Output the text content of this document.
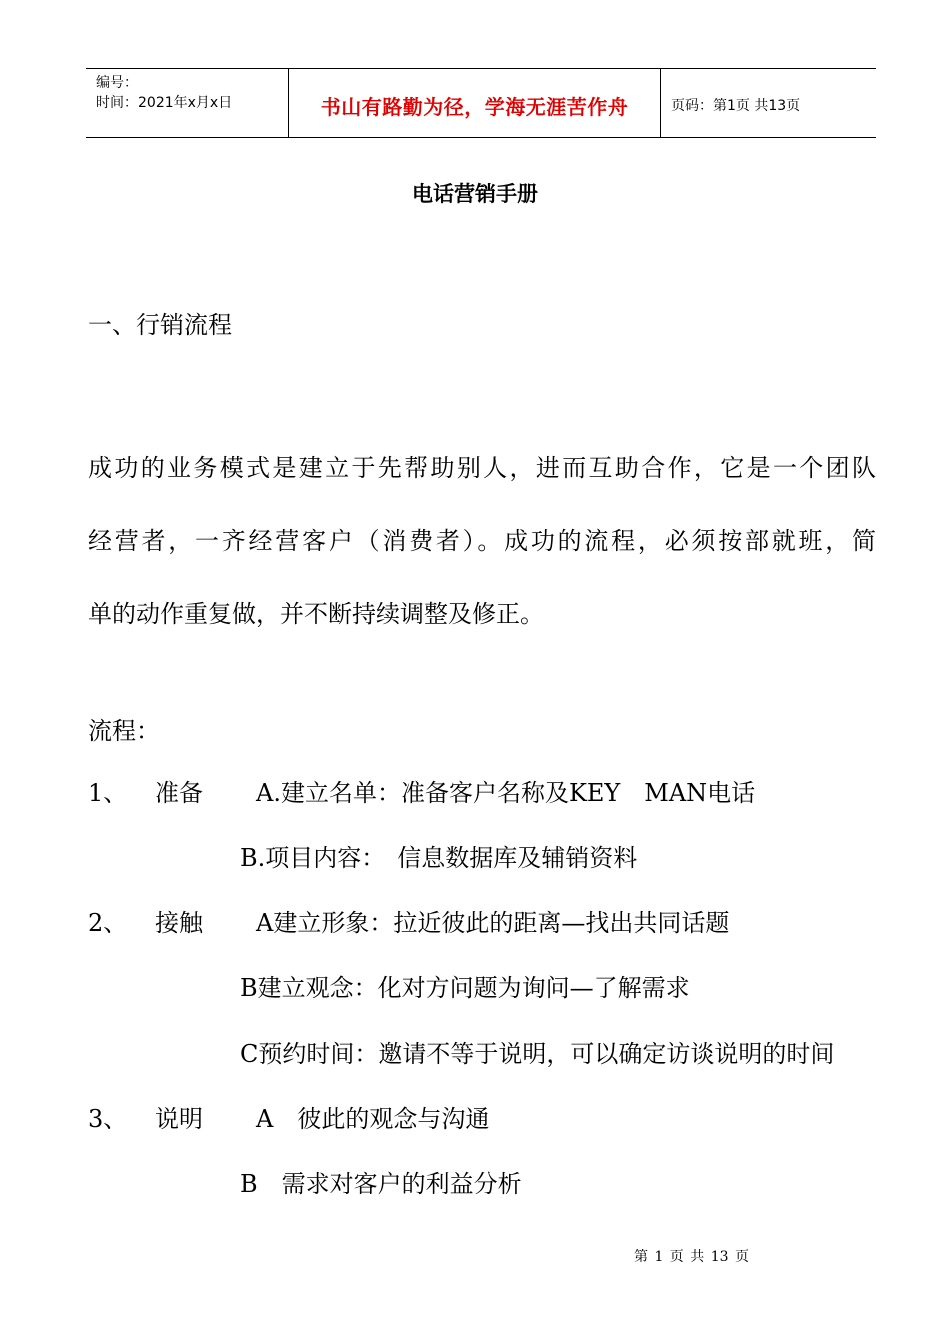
编号：
时间：2021年x月x日	书山有路勤为径，学海无涯苦作舟	页码：第1页 共13页
电话营销手册
一、行销流程
成功的业务模式是建立于先帮助别人，进而互助合作，它是一个团队
经营者，一齐经营客户（消费者）。成功的流程，必须按部就班，简
单的动作重复做，并不断持续调整及修正。
流程：
1、 准备 A.建立名单：准备客户名称及KEY　MAN电话
B.项目内容：　信息数据库及辅销资料
2、 接触 A建立形象：拉近彼此的距离—找出共同话题
B建立观念：化对方问题为询问—了解需求
C预约时间：邀请不等于说明，可以确定访谈说明的时间
3、 说明 A　彼此的观念与沟通
B　需求对客户的利益分析
第 1 页 共 13 页
